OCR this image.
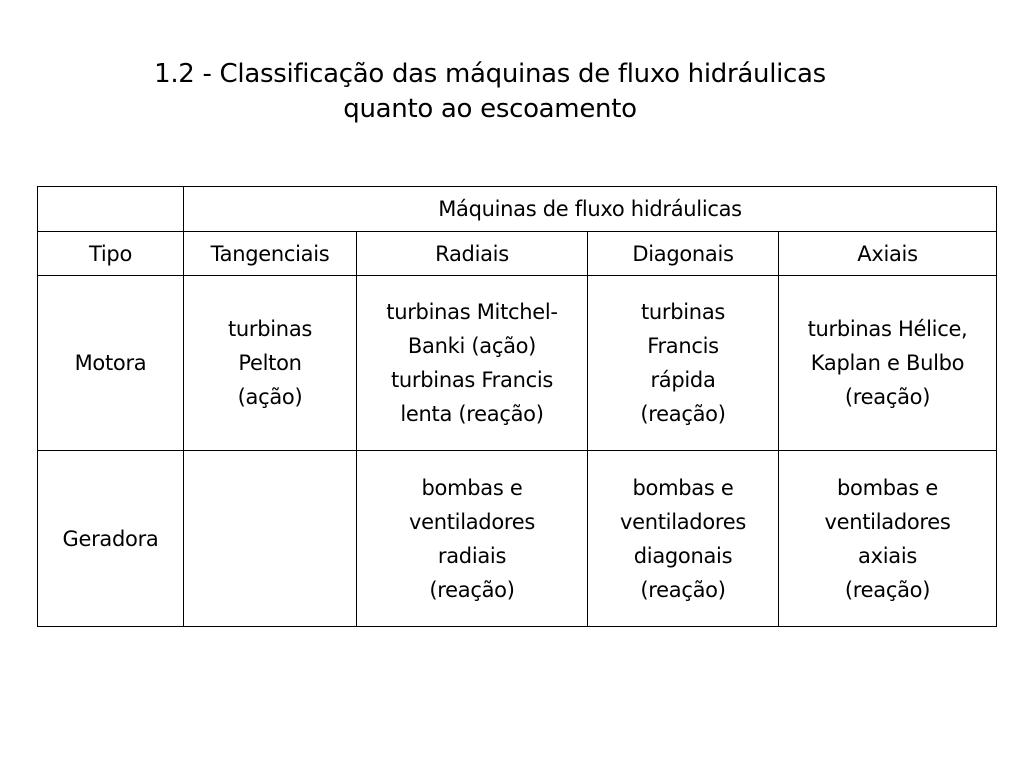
1.2 - Classificação das máquinas de fluxo hidráulicas
quanto ao escoamento
	Máquinas de fluxo hidráulicas			
Tipo	Tangenciais	Radiais	Diagonais	Axiais
Motora	turbinas
Pelton
(ação)	turbinas Mitchel-
Banki (ação)
turbinas Francis
lenta (reação)	turbinas
Francis
rápida
(reação)	turbinas Hélice,
Kaplan e Bulbo
(reação)

Geradora		bombas e
ventiladores
radiais
(reação)	bombas e
ventiladores
diagonais
(reação)	bombas e
ventiladores
axiais
(reação)
